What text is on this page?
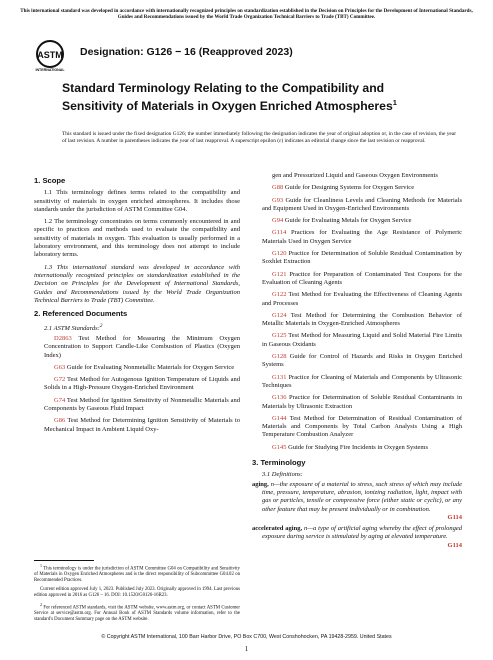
This international standard was developed in accordance with internationally recognized principles on standardization established in the Decision on Principles for the Development of International Standards, Guides and Recommendations issued by the World Trade Organization Technical Barriers to Trade (TBT) Committee.
ASTM
INTERNATIONAL
Designation: G126 − 16 (Reapproved 2023)
Standard Terminology Relating to the Compatibility and Sensitivity of Materials in Oxygen Enriched Atmospheres$^1$
This standard is issued under the fixed designation G126; the number immediately following the designation indicates the year of original adoption or, in the case of revision, the year of last revision. A number in parentheses indicates the year of last reapproval. A superscript epsilon (ε) indicates an editorial change since the last revision or reapproval.
1. Scope

1.1 This terminology defines terms related to the compatibility and sensitivity of materials in oxygen enriched atmospheres. It includes those standards under the jurisdiction of ASTM Committee G04.

1.2 The terminology concentrates on terms commonly encountered in and specific to practices and methods used to evaluate the compatibility and sensitivity of materials in oxygen. This evaluation is usually performed in a laboratory environment, and this terminology does not attempt to include laboratory terms.

1.3 This international standard was developed in accordance with internationally recognized principles on standardization established in the Decision on Principles for the Development of International Standards, Guides and Recommendations issued by the World Trade Organization Technical Barriers to Trade (TBT) Committee.

2. Referenced Documents

2.1 ASTM Standards:$^2$

D2863 Test Method for Measuring the Minimum Oxygen Concentration to Support Candle-Like Combustion of Plastics (Oxygen Index)

G63 Guide for Evaluating Nonmetallic Materials for Oxygen Service

G72 Test Method for Autogenous Ignition Temperature of Liquids and Solids in a High-Pressure Oxygen-Enriched Environment

G74 Test Method for Ignition Sensitivity of Nonmetallic Materials and Components by Gaseous Fluid Impact

G86 Test Method for Determining Ignition Sensitivity of Materials to Mechanical Impact in Ambient Liquid Oxy-

$^1$ This terminology is under the jurisdiction of ASTM Committee G04 on Compatibility and Sensitivity of Materials in Oxygen Enriched Atmospheres and is the direct responsibility of Subcommittee G04.02 on Recommended Practices.

Current edition approved July 1, 2023. Published July 2023. Originally approved in 1994. Last previous edition approved in 2016 as G126 – 16. DOI: 10.1520/G0126-16R23.

$^2$ For referenced ASTM standards, visit the ASTM website, www.astm.org, or contact ASTM Customer Service at service@astm.org. For Annual Book of ASTM Standards volume information, refer to the standard's Document Summary page on the ASTM website.

gen and Pressurized Liquid and Gaseous Oxygen Environments

G88 Guide for Designing Systems for Oxygen Service

G93 Guide for Cleanliness Levels and Cleaning Methods for Materials and Equipment Used in Oxygen-Enriched Environments

G94 Guide for Evaluating Metals for Oxygen Service

G114 Practices for Evaluating the Age Resistance of Polymeric Materials Used in Oxygen Service

G120 Practice for Determination of Soluble Residual Contamination by Soxhlet Extraction

G121 Practice for Preparation of Contaminated Test Coupons for the Evaluation of Cleaning Agents

G122 Test Method for Evaluating the Effectiveness of Cleaning Agents and Processes

G124 Test Method for Determining the Combustion Behavior of Metallic Materials in Oxygen-Enriched Atmospheres

G125 Test Method for Measuring Liquid and Solid Material Fire Limits in Gaseous Oxidants

G128 Guide for Control of Hazards and Risks in Oxygen Enriched Systems

G131 Practice for Cleaning of Materials and Components by Ultrasonic Techniques

G136 Practice for Determination of Soluble Residual Contaminants in Materials by Ultrasonic Extraction

G144 Test Method for Determination of Residual Contamination of Materials and Components by Total Carbon Analysis Using a High Temperature Combustion Analyzer

G145 Guide for Studying Fire Incidents in Oxygen Systems

3. Terminology

3.1 Definitions:

aging, n—the exposure of a material to stress, such stress of which may include time, pressure, temperature, abrasion, ionizing radiation, light, impact with gas or particles, tensile or compressive force (either static or cyclic), or any other feature that may be present individually or in combination.
G114
accelerated aging, n—a type of artificial aging whereby the effect of prolonged exposure during service is stimulated by aging at elevated temperature.
G114
© Copyright ASTM International, 100 Barr Harbor Drive, PO Box C700, West Conshohocken, PA 19428-2959. United States
1
